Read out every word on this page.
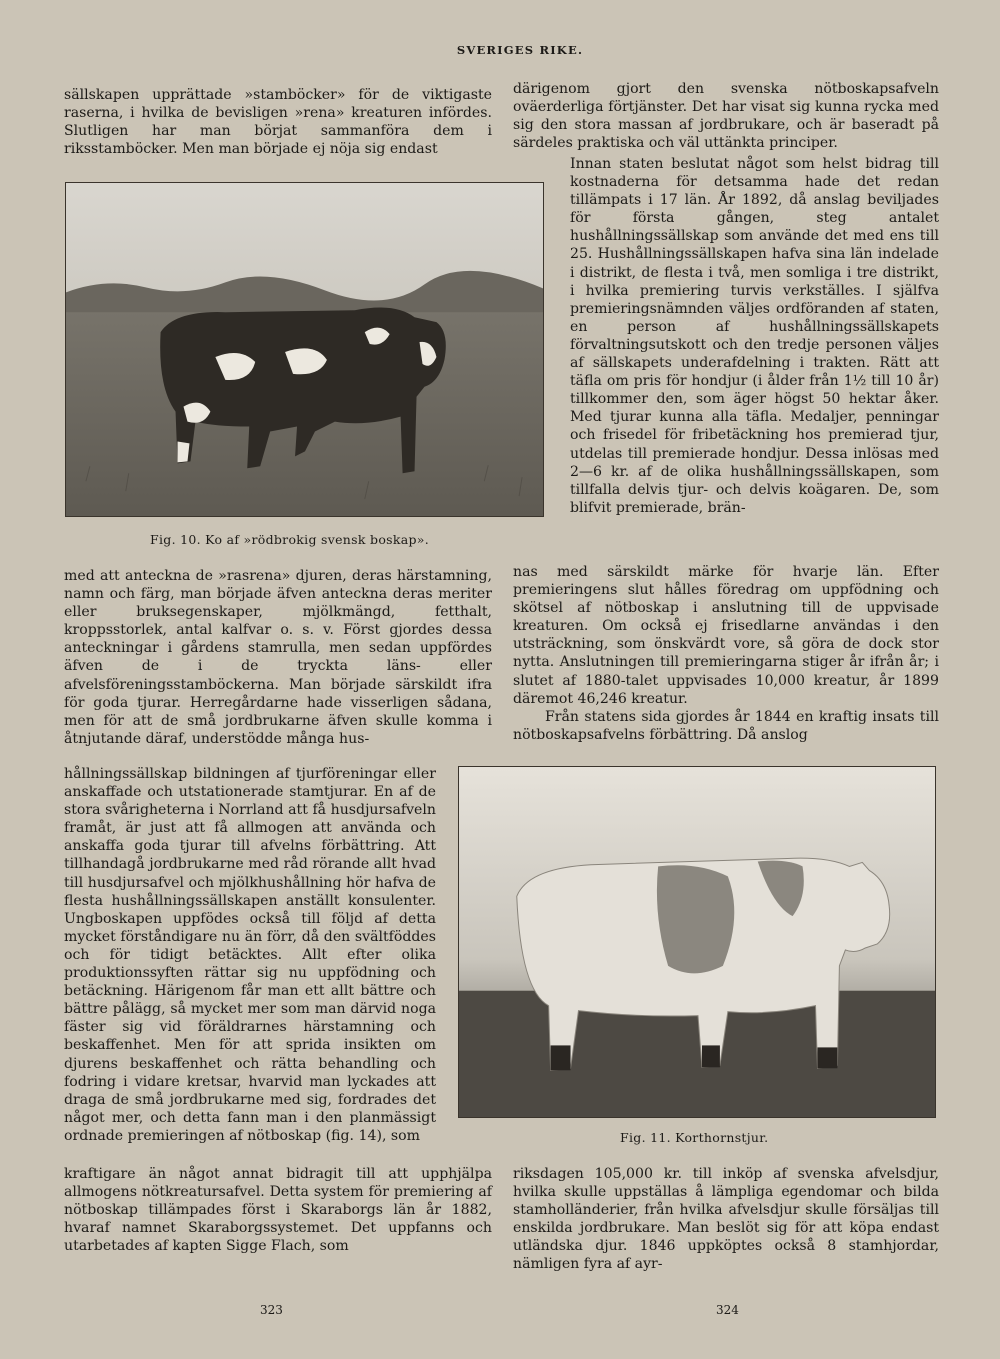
SVERIGES RIKE.

sällskapen upprättade »stamböcker» för de viktigaste raserna, i hvilka de bevisligen »rena» kreaturen infördes. Slutligen har man börjat sammanföra dem i riksstamböcker. Men man började ej nöja sig endast

Fig. 10. Ko af »rödbrokig svensk boskap».

med att anteckna de »rasrena» djuren, deras härstamning, namn och färg, man började äfven anteckna deras meriter eller bruksegenskaper, mjölkmängd, fetthalt, kroppsstorlek, antal kalfvar o. s. v. Först gjordes dessa anteckningar i gårdens stamrulla, men sedan uppfördes äfven de i de tryckta läns- eller afvelsföreningsstamböckerna. Man började särskildt ifra för goda tjurar. Herregårdarne hade visserligen sådana, men för att de små jordbrukarne äfven skulle komma i åtnjutande däraf, understödde många hus-

hållningssällskap bildningen af tjurföreningar eller anskaffade och utstationerade stamtjurar. En af de stora svårigheterna i Norrland att få husdjursafveln framåt, är just att få allmogen att använda och anskaffa goda tjurar till afvelns förbättring. Att tillhandagå jordbrukarne med råd rörande allt hvad till husdjursafvel och mjölkhushållning hör hafva de flesta hushållningssällskapen anställt konsulenter. Ungboskapen uppfödes också till följd af detta mycket förståndigare nu än förr, då den svältföddes och för tidigt betäcktes. Allt efter olika produktionssyften rättar sig nu uppfödning och betäckning. Härigenom får man ett allt bättre och bättre pålägg, så mycket mer som man därvid noga fäster sig vid föräldrarnes härstamning och beskaffenhet. Men för att sprida insikten om djurens beskaffenhet och rätta behandling och fodring i vidare kretsar, hvarvid man lyckades att draga de små jordbrukarne med sig, fordrades det något mer, och detta fann man i den planmässigt ordnade premieringen af nötboskap (fig. 14), som

kraftigare än något annat bidragit till att upphjälpa allmogens nötkreatursafvel. Detta system för premiering af nötboskap tillämpades först i Skaraborgs län år 1882, hvaraf namnet Skaraborgssystemet. Det uppfanns och utarbetades af kapten Sigge Flach, som

därigenom gjort den svenska nötboskapsafveln oväerderliga förtjänster. Det har visat sig kunna rycka med sig den stora massan af jordbrukare, och är baseradt på särdeles praktiska och väl uttänkta principer.

Innan staten beslutat något som helst bidrag till kostnaderna för detsamma hade det redan tillämpats i 17 län. År 1892, då anslag beviljades för första gången, steg antalet hushållningssällskap som använde det med ens till 25. Hushållningssällskapen hafva sina län indelade i distrikt, de flesta i två, men somliga i tre distrikt, i hvilka premiering turvis verkställes. I själfva premieringsnämnden väljes ordföranden af staten, en person af hushållningssällskapets förvaltningsutskott och den tredje personen väljes af sällskapets underafdelning i trakten. Rätt att täfla om pris för hondjur (i ålder från 1½ till 10 år) tillkommer den, som äger högst 50 hektar åker. Med tjurar kunna alla täfla. Medaljer, penningar och frisedel för fribetäckning hos premierad tjur, utdelas till premierade hondjur. Dessa inlösas med 2—6 kr. af de olika hushållningssällskapen, som tillfalla delvis tjur- och delvis koägaren. De, som blifvit premierade, brän-

nas med särskildt märke för hvarje län. Efter premieringens slut hålles föredrag om uppfödning och skötsel af nötboskap i anslutning till de uppvisade kreaturen. Om också ej frisedlarne användas i den utsträckning, som önskvärdt vore, så göra de dock stor nytta. Anslutningen till premieringarna stiger år ifrån år; i slutet af 1880-talet uppvisades 10,000 kreatur, år 1899 däremot 46,246 kreatur.

Från statens sida gjordes år 1844 en kraftig insats till nötboskapsafvelns förbättring. Då anslog

Fig. 11. Korthornstjur.

riksdagen 105,000 kr. till inköp af svenska afvelsdjur, hvilka skulle uppställas å lämpliga egendomar och bilda stamholländerier, från hvilka afvelsdjur skulle försäljas till enskilda jordbrukare. Man beslöt sig för att köpa endast utländska djur. 1846 uppköptes också 8 stamhjordar, nämligen fyra af ayr-

323	324
